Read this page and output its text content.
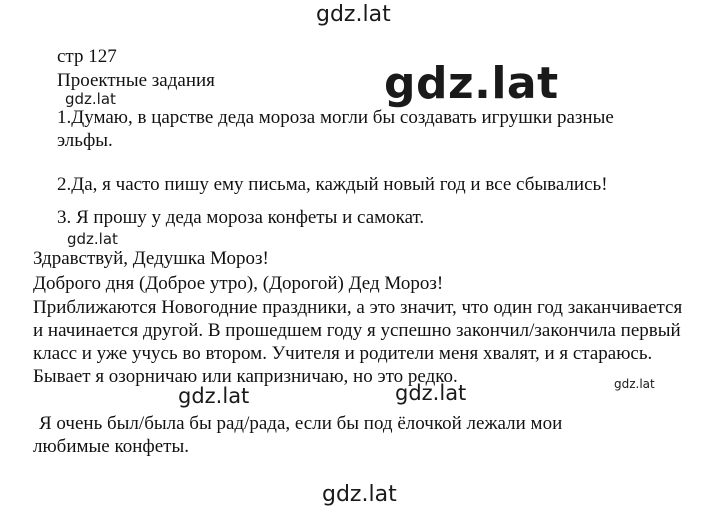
gdz.lat
gdz.lat
gdz.lat
gdz.lat
стр 127
Проектные задания
1.Думаю, в царстве деда мороза могли бы создавать игрушки разные эльфы.
2.Да, я часто пишу ему письма, каждый новый год и все сбывались!
3. Я прошу у деда мороза конфеты и самокат.
Здравствуй, Дедушка Мороз!
Доброго дня (Доброе утро), (Дорогой) Дед Мороз!
Приближаются Новогодние праздники, а это значит, что один год заканчивается и начинается другой. В прошедшем году я успешно закончил/закончила первый класс и уже учусь во втором. Учителя и родители меня хвалят, и я стараюсь. Бывает я озорничаю или капризничаю, но это редко.
Я очень был/была бы рад/рада, если бы под ёлочкой лежали мои любимые конфеты.
gdz.lat	gdz.lat	gdz.lat
gdz.lat
